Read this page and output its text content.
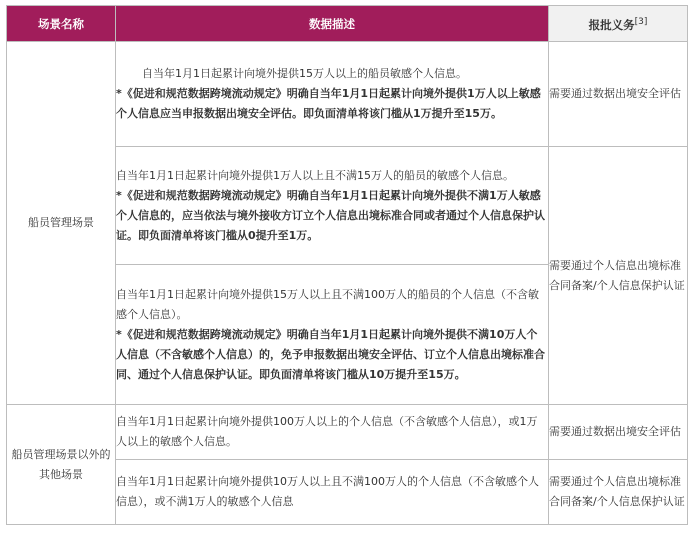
场景名称	数据描述	报批义务[3]
船员管理场景	自当年1月1日起累计向境外提供15万人以上的船员敏感个人信息。

*《促进和规范数据跨境流动规定》明确自当年1月1日起累计向境外提供1万人以上敏感个人信息应当申报数据出境安全评估。即负面清单将该门槛从1万提升至15万。	需要通过数据出境安全评估

	自当年1月1日起累计向境外提供1万人以上且不满15万人的船员的敏感个人信息。

*《促进和规范数据跨境流动规定》明确自当年1月1日起累计向境外提供不满1万人敏感个人信息的，应当依法与境外接收方订立个人信息出境标准合同或者通过个人信息保护认证。即负面清单将该门槛从0提升至1万。	需要通过个人信息出境标准合同备案/个人信息保护认证

	自当年1月1日起累计向境外提供15万人以上且不满100万人的船员的个人信息（不含敏感个人信息）。

*《促进和规范数据跨境流动规定》明确自当年1月1日起累计向境外提供不满10万人个人信息（不含敏感个人信息）的，免予申报数据出境安全评估、订立个人信息出境标准合同、通过个人信息保护认证。即负面清单将该门槛从10万提升至15万。	

船员管理场景以外的其他场景	自当年1月1日起累计向境外提供100万人以上的个人信息（不含敏感个人信息），或1万人以上的敏感个人信息。	需要通过数据出境安全评估

	自当年1月1日起累计向境外提供10万人以上且不满100万人的个人信息（不含敏感个人信息），或不满1万人的敏感个人信息	需要通过个人信息出境标准合同备案/个人信息保护认证
